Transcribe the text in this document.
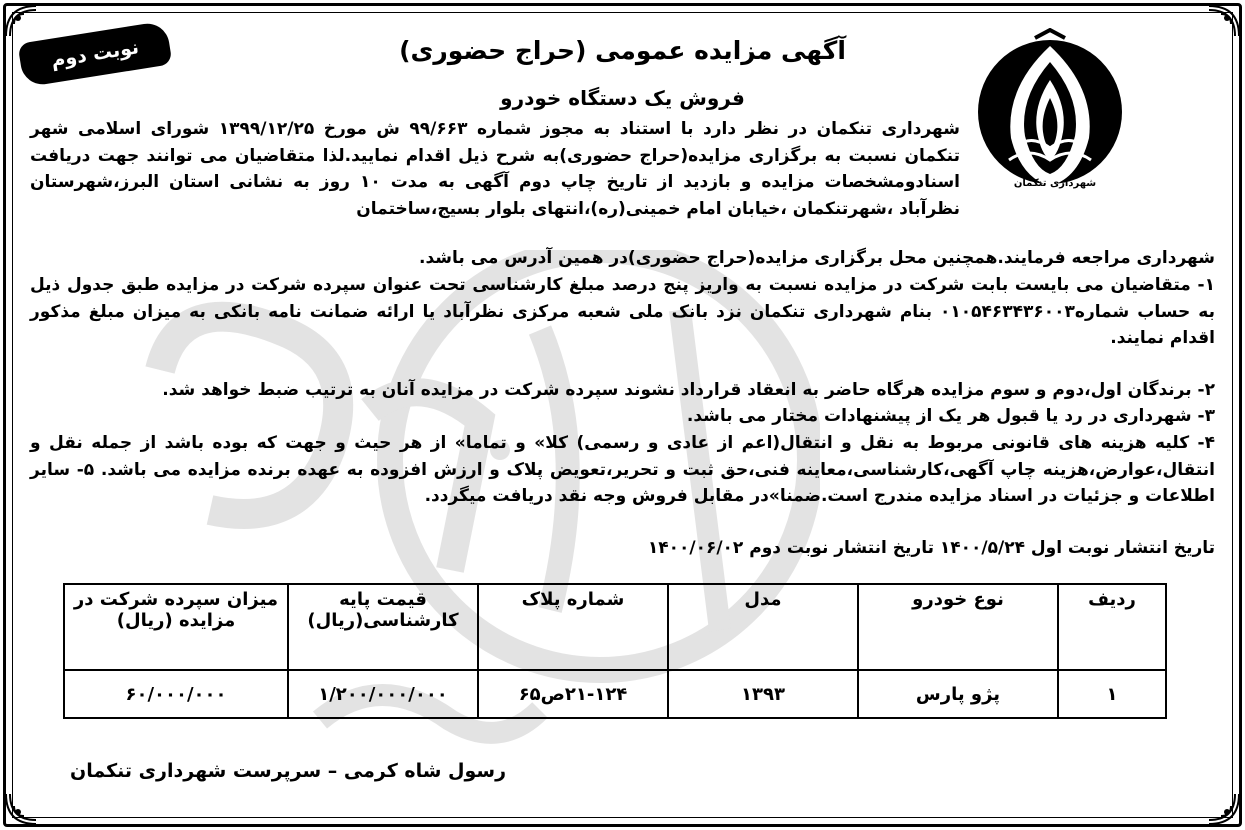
نوبت دوم
شهرداری تنکمان
آگهی مزایده عمومی (حراج حضوری)
فروش یک دستگاه خودرو

شهرداری تنکمان در نظر دارد با استناد به مجوز شماره ۹۹/۶۶۳ ش مورخ ۱۳۹۹/۱۲/۲۵ شورای اسلامی شهر تنکمان نسبت به برگزاری مزایده(حراج حضوری)به شرح ذیل اقدام نمایید.لذا متقاضیان می توانند جهت دریافت اسنادومشخصات مزایده و بازدید از تاریخ چاپ دوم آگهی به مدت ۱۰ روز به نشانی استان البرز،شهرستان نظرآباد ،شهرتنکمان ،خیابان امام خمینی(ره)،انتهای بلوار بسیج،ساختمان

شهرداری مراجعه فرمایند.همچنین محل برگزاری مزایده(حراج حضوری)در همین آدرس می باشد.

۱- متقاضیان می بایست بابت شرکت در مزایده نسبت به واریز پنج درصد مبلغ کارشناسی تحت عنوان سپرده شرکت در مزایده طبق جدول ذیل به حساب شماره۰۱۰۵۴۶۳۴۳۶۰۰۳ بنام شهرداری تنکمان نزد بانک ملی شعبه مرکزی نظرآباد یا ارائه ضمانت نامه بانکی به میزان مبلغ مذکور اقدام نمایند.

۲- برندگان اول،دوم و سوم مزایده هرگاه حاضر به انعقاد قرارداد نشوند سپرده شرکت در مزایده آنان به ترتیب ضبط خواهد شد.

۳- شهرداری در رد یا قبول هر یک از پیشنهادات مختار می باشد.

۴- کلیه هزینه های قانونی مربوط به نقل و انتقال(اعم از عادی و رسمی) کلا» و تماما» از هر حیث و جهت که بوده باشد از جمله نقل و انتقال،عوارض،هزینه چاپ آگهی،کارشناسی،معاینه فنی،حق ثبت و تحریر،تعویض پلاک و ارزش افزوده به عهده برنده مزایده می باشد. ۵- سایر اطلاعات و جزئیات در اسناد مزایده مندرج است.ضمنا»در مقابل فروش وجه نقد دریافت میگردد.

تاریخ انتشار نوبت اول ۱۴۰۰/۵/۲۴ تاریخ انتشار نوبت دوم ۱۴۰۰/۰۶/۰۲

ردیف	نوع خودرو	مدل	شماره پلاک	قیمت پایه کارشناسی(ریال)	میزان سپرده شرکت در مزایده (ریال)
۱	پژو پارس	۱۳۹۳	۲۱-۱۲۴ص۶۵	۱/۲۰۰/۰۰۰/۰۰۰	۶۰/۰۰۰/۰۰۰
رسول شاه کرمی – سرپرست شهرداری تنکمان
